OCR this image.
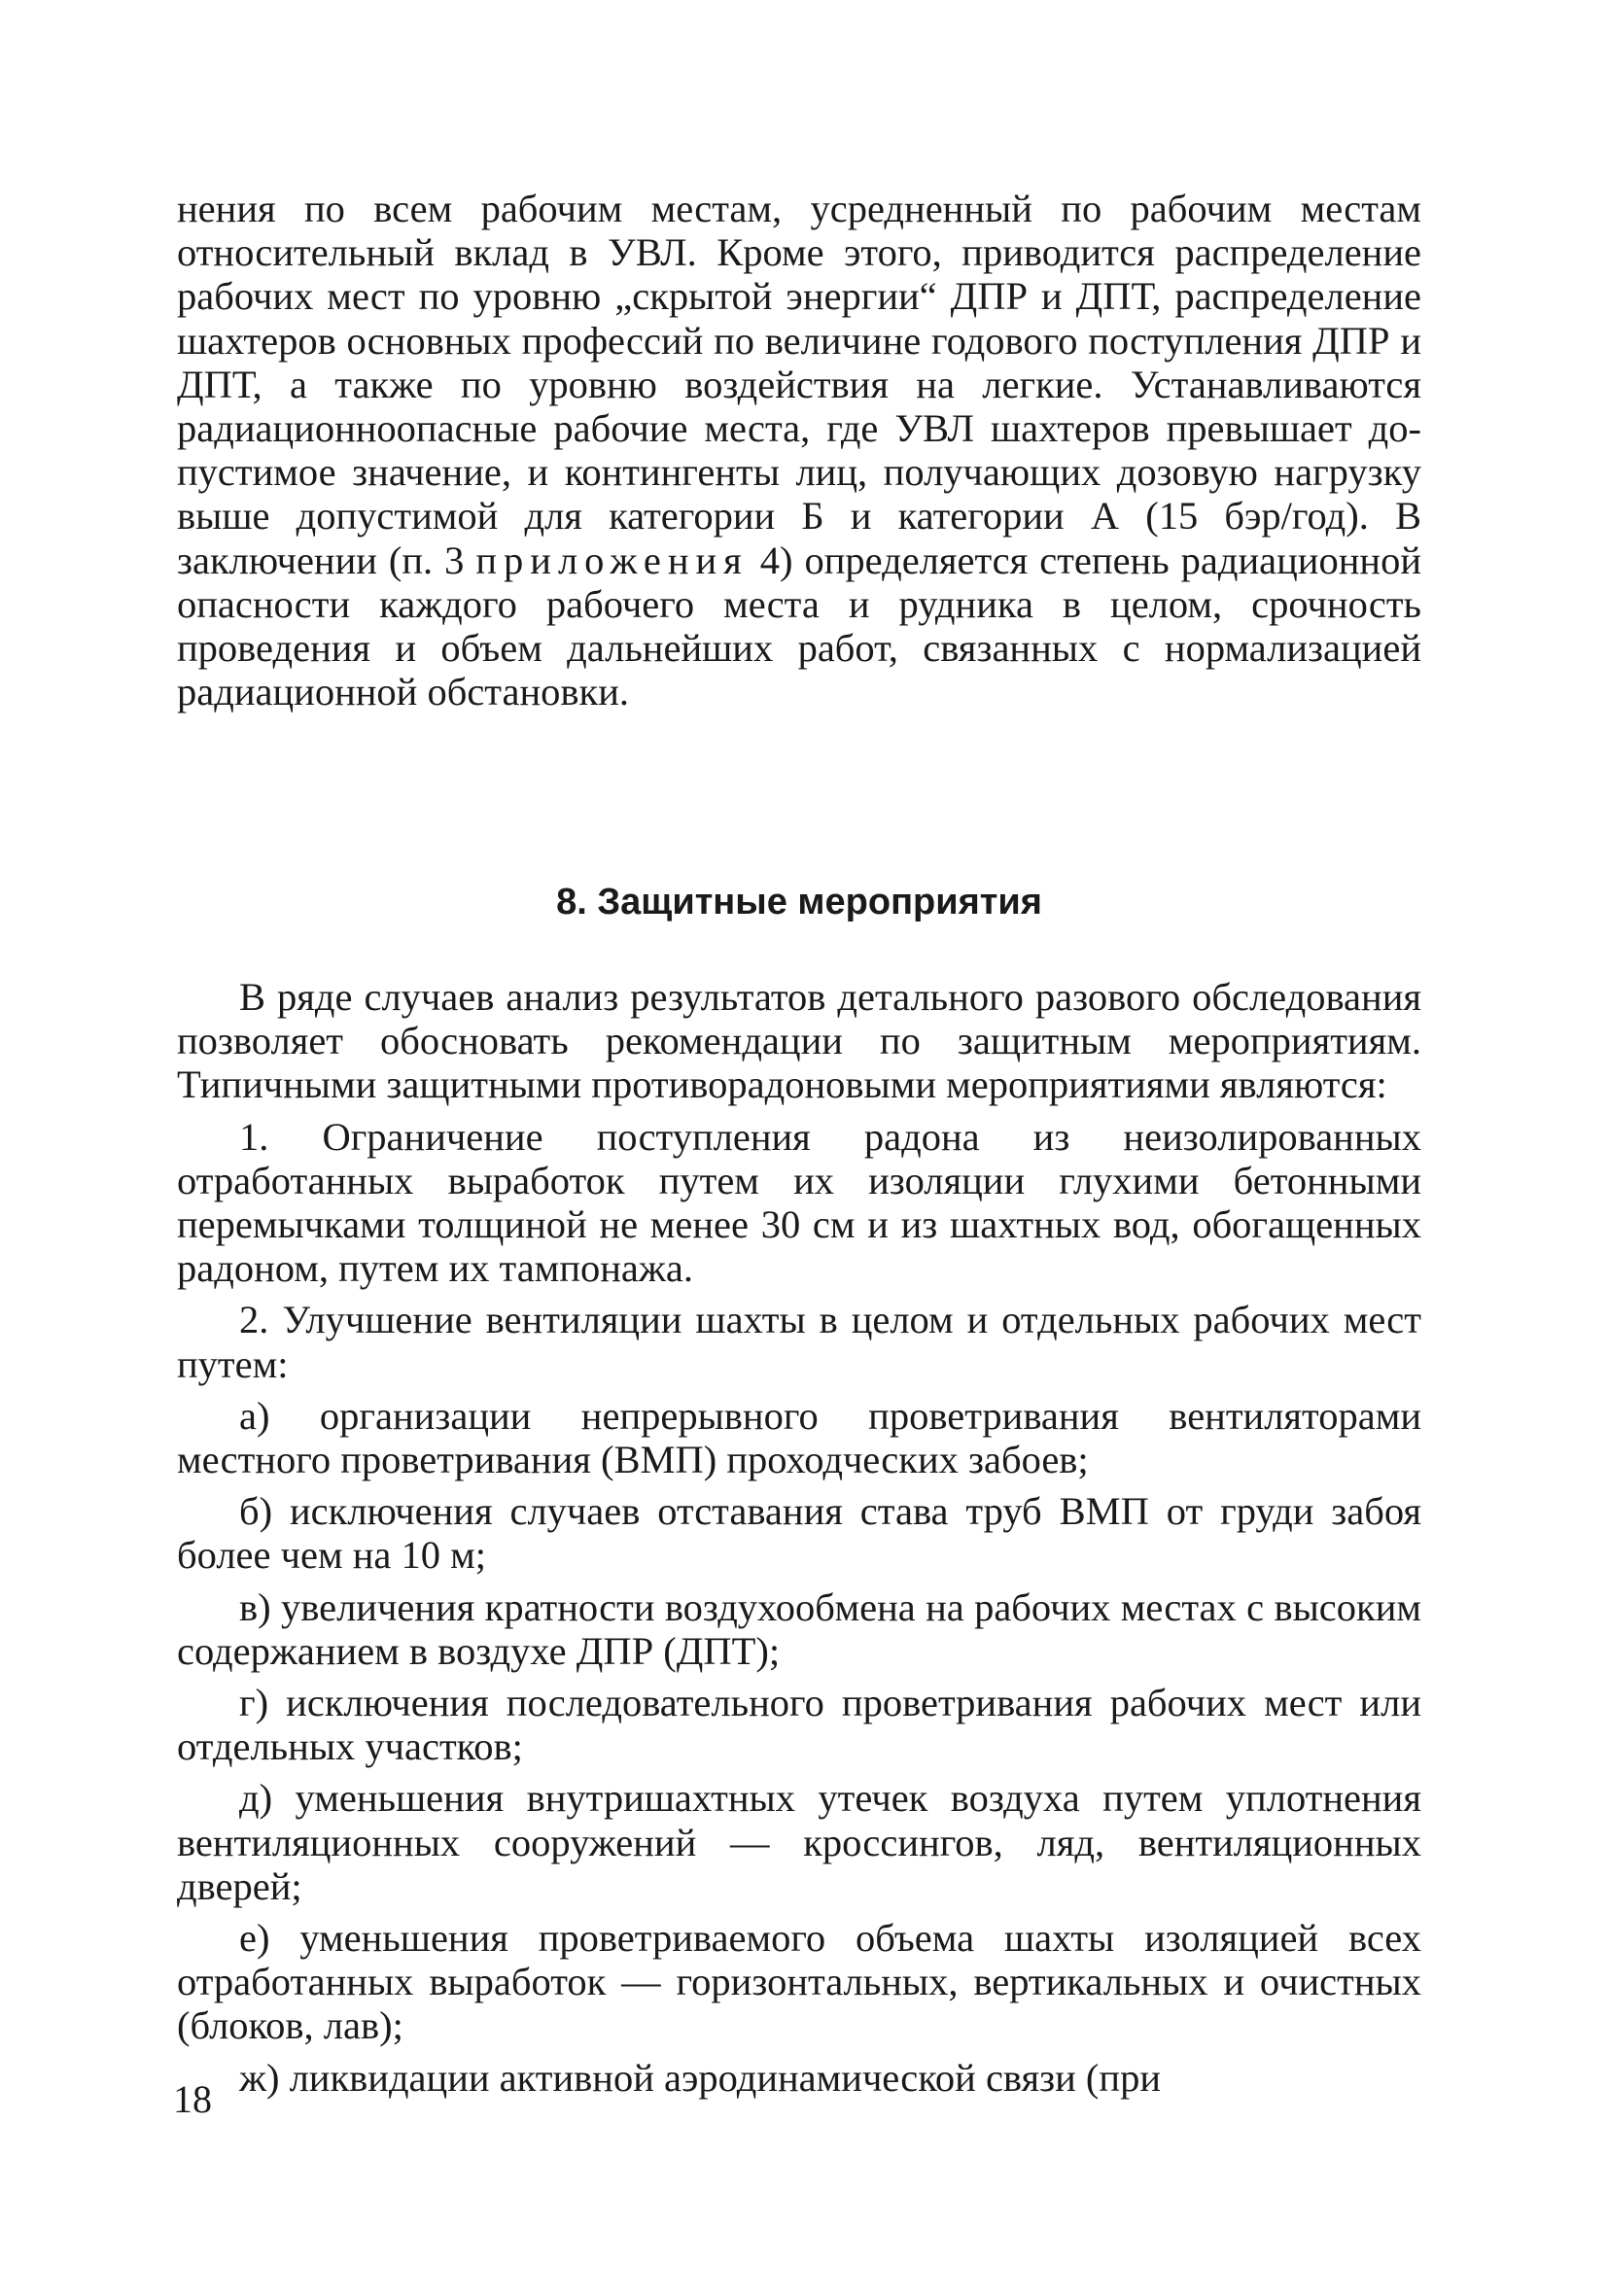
нения по всем рабочим местам, усредненный по рабочим местам относительный вклад в УВЛ. Кроме этого, приводится распределение рабочих мест по уровню „скрытой энергии“ ДПР и ДПТ, распределение шахтеров основных профессий по величине годового поступления ДПР и ДПТ, а также по уровню воздействия на легкие. Устанавливаются радиационноопасные рабочие места, где УВЛ шахтеров превышает допустимое значение, и контингенты лиц, получающих дозовую нагрузку выше допустимой для категории Б и категории А (15 бэр/год). В заключении (п. 3 приложения 4) определяется степень радиационной опасности каждого рабочего места и рудника в целом, срочность проведения и объем дальнейших работ, связанных с нормализацией радиационной обстановки.

8. Защитные мероприятия

В ряде случаев анализ результатов детального разового обследования позволяет обосновать рекомендации по защитным мероприятиям. Типичными защитными противорадоновыми мероприятиями являются:

1. Ограничение поступления радона из неизолированных отработанных выработок путем их изоляции глухими бетонными перемычками толщиной не менее 30 см и из шахтных вод, обогащенных радоном, путем их тампонажа.

2. Улучшение вентиляции шахты в целом и отдельных рабочих мест путем:

а) организации непрерывного проветривания вентиляторами местного проветривания (ВМП) проходческих забоев;

б) исключения случаев отставания става труб ВМП от груди забоя более чем на 10 м;

в) увеличения кратности воздухообмена на рабочих местах с высоким содержанием в воздухе ДПР (ДПТ);

г) исключения последовательного проветривания рабочих мест или отдельных участков;

д) уменьшения внутришахтных утечек воздуха путем уплотнения вентиляционных сооружений — кроссингов, ляд, вентиляционных дверей;

е) уменьшения проветриваемого объема шахты изоляцией всех отработанных выработок — горизонтальных, вертикальных и очистных (блоков, лав);

ж) ликвидации активной аэродинамической связи (при

18
